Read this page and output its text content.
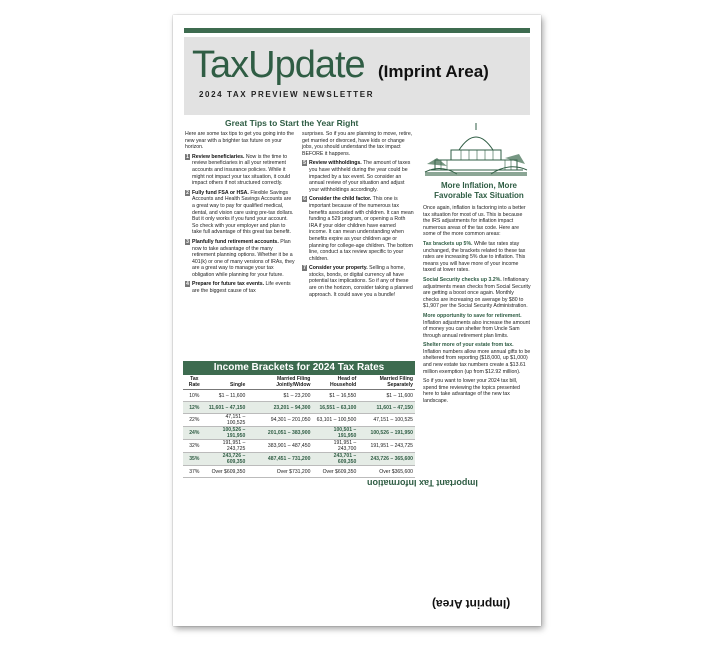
TaxUpdate (Imprint Area)
2024 TAX PREVIEW NEWSLETTER
Great Tips to Start the Year Right

Here are some tax tips to get you going into the new year with a brighter tax future on your horizon.

1 Review beneficiaries. Now is the time to review beneficiaries in all your retirement accounts and insurance policies. While it might not impact your tax situation, it could impact others if not structured correctly.
2 Fully fund FSA or HSA. Flexible Savings Accounts and Health Savings Accounts are a great way to pay for qualified medical, dental, and vision care using pre-tax dollars. But it only works if you fund your account. So check with your employer and plan to take full advantage of this great tax benefit.
3 Planfully fund retirement accounts. Plan now to take advantage of the many retirement planning options. Whether it be a 401(k) or one of many versions of IRAs, they are a great way to manage your tax obligation while planning for your future.
4 Prepare for future tax events. Life events are the biggest cause of tax

surprises. So if you are planning to move, retire, get married or divorced, have kids or change jobs, you should understand the tax impact BEFORE it happens.

5 Review withholdings. The amount of taxes you have withheld during the year could be impacted by a tax event. So consider an annual review of your situation and adjust your withholdings accordingly.
6 Consider the child factor. This one is important because of the numerous tax benefits associated with children. It can mean funding a 529 program, or opening a Roth IRA if your older children have earned income. It can mean understanding when benefits expire as your children age or planning for college-age children. The bottom line, conduct a tax review specific to your children.
7 Consider your property. Selling a home, stocks, bonds, or digital currency all have potential tax implications. So if any of these are on the horizon, consider taking a planned approach. It could save you a bundle!
More Inflation, More
Favorable Tax Situation

Once again, inflation is factoring into a better tax situation for most of us. This is because the IRS adjustments for inflation impact numerous areas of the tax code. Here are some of the more common areas:

Tax brackets up 5%. While tax rates stay unchanged, the brackets related to these tax rates are increasing 5% due to inflation. This means you will have more of your income taxed at lower rates.

Social Security checks up 3.2%. Inflationary adjustments mean checks from Social Security are getting a boost once again. Monthly checks are increasing on average by $80 to $1,907 per the Social Security Administration.

More opportunity to save for retirement. Inflation adjustments also increase the amount of money you can shelter from Uncle Sam through annual retirement plan limits.

Shelter more of your estate from tax. Inflation numbers allow more annual gifts to be sheltered from reporting ($18,000, up $1,000) and new estate tax numbers create a $13.61 million exemption (up from $12.92 million).

So if you want to lower your 2024 tax bill, spend time reviewing the topics presented here to take advantage of the new tax landscape.

Income Brackets for 2024 Tax Rates
Tax Rate	Single	Married Filing Jointly/Widow	Head of Household	Married Filing Separately
10%	$1 – 11,600	$1 – 23,200	$1 – 16,550	$1 – 11,600
12%	11,601 – 47,150	23,201 – 94,300	16,551 – 63,100	11,601 – 47,150
22%	47,151 – 100,525	94,301 – 201,050	63,101 – 100,500	47,151 – 100,525
24%	100,526 – 191,950	201,051 – 383,900	100,501 – 191,950	100,526 – 191,950
32%	191,951 – 243,725	383,901 – 487,450	191,951 – 243,700	191,951 – 243,725
35%	243,726 – 609,350	487,451 – 731,200	243,701 – 609,350	243,726 – 365,600
37%	Over $609,350	Over $731,200	Over $609,350	Over $365,600
Important Tax Information
(Imprint Area)
